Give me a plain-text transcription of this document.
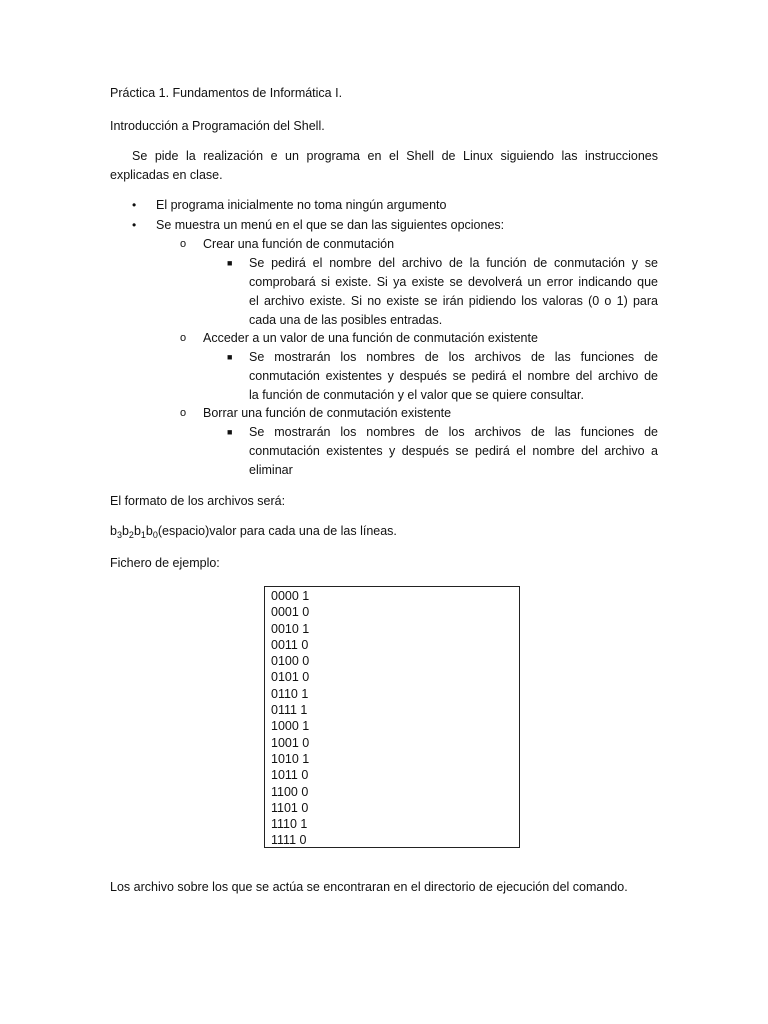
Práctica 1. Fundamentos de Informática I.
Introducción a Programación del Shell.
Se pide la realización e un programa en el Shell de Linux siguiendo las instrucciones
explicadas en clase.
• El programa inicialmente no toma ningún argumento
• Se muestra un menú en el que se dan las siguientes opciones:
o Crear una función de conmutación
■ Se pedirá el nombre del archivo de la función de conmutación y se
comprobará si existe. Si ya existe se devolverá un error indicando que
el archivo existe. Si no existe se irán pidiendo los valoras (0 o 1) para
cada una de las posibles entradas.
o Acceder a un valor de una función de conmutación existente
■ Se mostrarán los nombres de los archivos de las funciones de
conmutación existentes y después se pedirá el nombre del archivo de
la función de conmutación y el valor que se quiere consultar.
o Borrar una función de conmutación existente
■ Se mostrarán los nombres de los archivos de las funciones de
conmutación existentes y después se pedirá el nombre del archivo a
eliminar
El formato de los archivos será:
$b_3b_2b_1b_0(espacio)valor$ para cada una de las líneas.
Fichero de ejemplo:
0000 1
0001 0
0010 1
0011 0
0100 0
0101 0
0110 1
0111 1
1000 1
1001 0
1010 1
1011 0
1100 0
1101 0
1110 1
1111 0
Los archivo sobre los que se actúa se encontraran en el directorio de ejecución del comando.
